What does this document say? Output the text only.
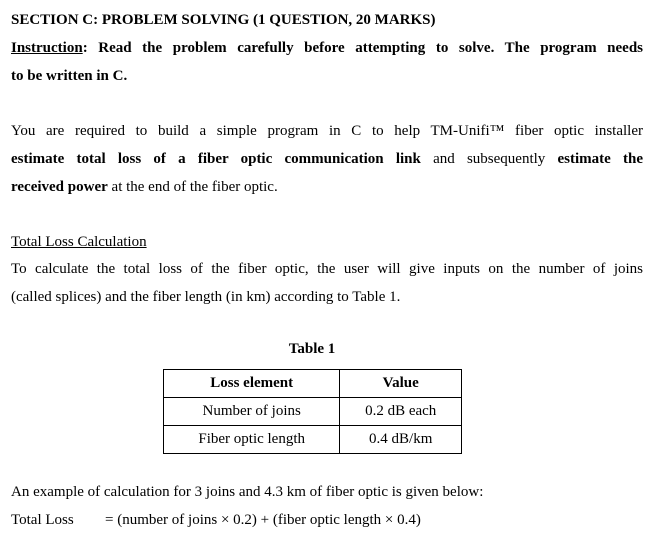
SECTION C: PROBLEM SOLVING (1 QUESTION, 20 MARKS)
Instruction: Read the problem carefully before attempting to solve. The program needs
to be written in C.
You are required to build a simple program in C to help TM-Unifi™ fiber optic installer
estimate total loss of a fiber optic communication link and subsequently estimate the
received power at the end of the fiber optic.
Total Loss Calculation
To calculate the total loss of the fiber optic, the user will give inputs on the number of joins
(called splices) and the fiber length (in km) according to Table 1.
Table 1
Loss element	Value
Number of joins	0.2 dB each
Fiber optic length	0.4 dB/km
An example of calculation for 3 joins and 4.3 km of fiber optic is given below:
Total Loss = (number of joins × 0.2) + (fiber optic length × 0.4)
